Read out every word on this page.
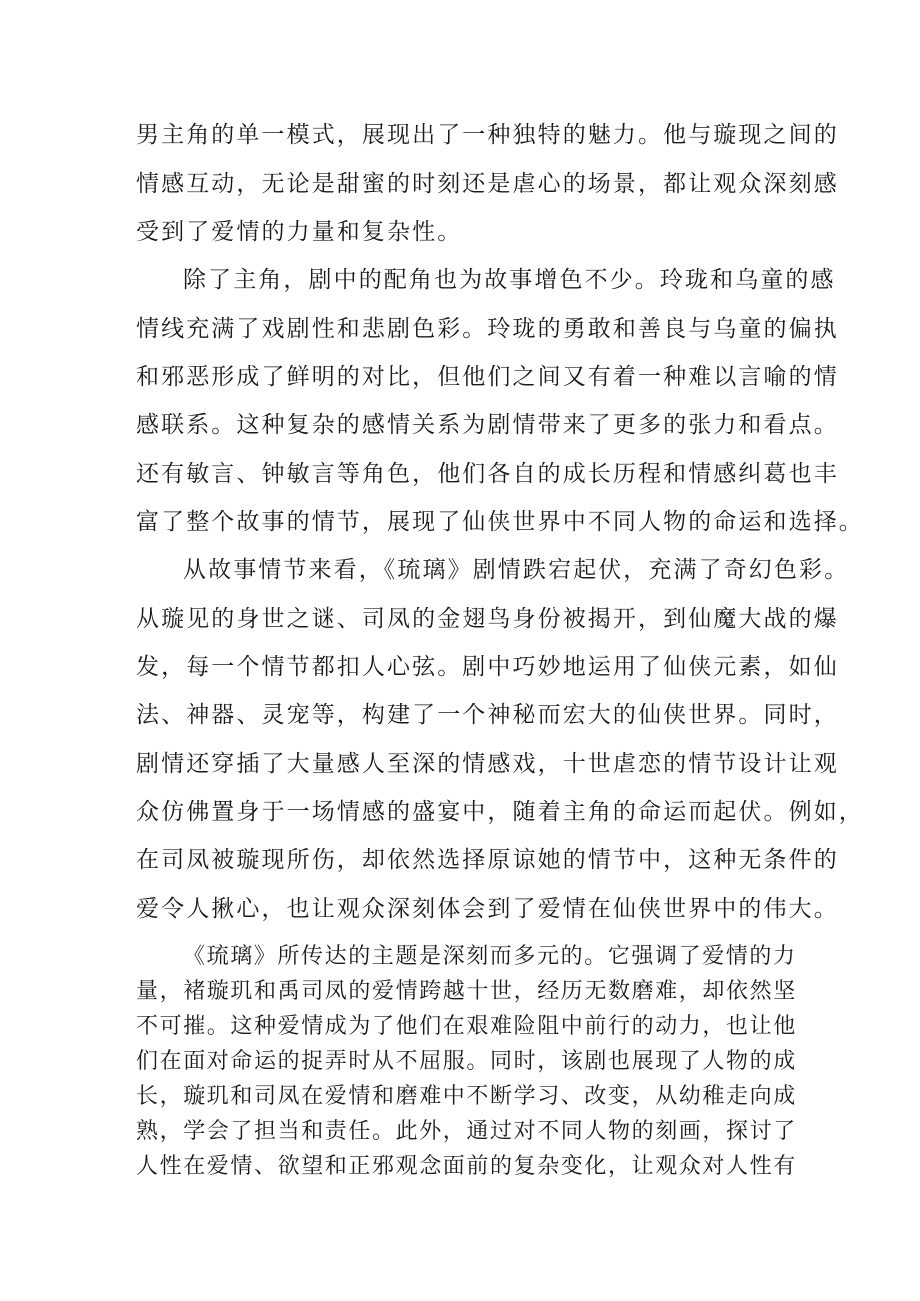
男主角的单一模式，展现出了一种独特的魅力。他与璇现之间的
情感互动，无论是甜蜜的时刻还是虐心的场景，都让观众深刻感
受到了爱情的力量和复杂性。
除了主角，剧中的配角也为故事增色不少。玲珑和乌童的感
情线充满了戏剧性和悲剧色彩。玲珑的勇敢和善良与乌童的偏执
和邪恶形成了鲜明的对比，但他们之间又有着一种难以言喻的情
感联系。这种复杂的感情关系为剧情带来了更多的张力和看点。
还有敏言、钟敏言等角色，他们各自的成长历程和情感纠葛也丰
富了整个故事的情节，展现了仙侠世界中不同人物的命运和选择。
从故事情节来看，《琉璃》剧情跌宕起伏，充满了奇幻色彩。
从璇见的身世之谜、司凤的金翅鸟身份被揭开，到仙魔大战的爆
发，每一个情节都扣人心弦。剧中巧妙地运用了仙侠元素，如仙
法、神器、灵宠等，构建了一个神秘而宏大的仙侠世界。同时，
剧情还穿插了大量感人至深的情感戏，十世虐恋的情节设计让观
众仿佛置身于一场情感的盛宴中，随着主角的命运而起伏。例如，
在司凤被璇现所伤，却依然选择原谅她的情节中，这种无条件的
爱令人揪心，也让观众深刻体会到了爱情在仙侠世界中的伟大。
《琉璃》所传达的主题是深刻而多元的。它强调了爱情的力
量，褚璇玑和禹司凤的爱情跨越十世，经历无数磨难，却依然坚
不可摧。这种爱情成为了他们在艰难险阻中前行的动力，也让他
们在面对命运的捉弄时从不屈服。同时，该剧也展现了人物的成
长，璇玑和司凤在爱情和磨难中不断学习、改变，从幼稚走向成
熟，学会了担当和责任。此外，通过对不同人物的刻画，探讨了
人性在爱情、欲望和正邪观念面前的复杂变化，让观众对人性有
